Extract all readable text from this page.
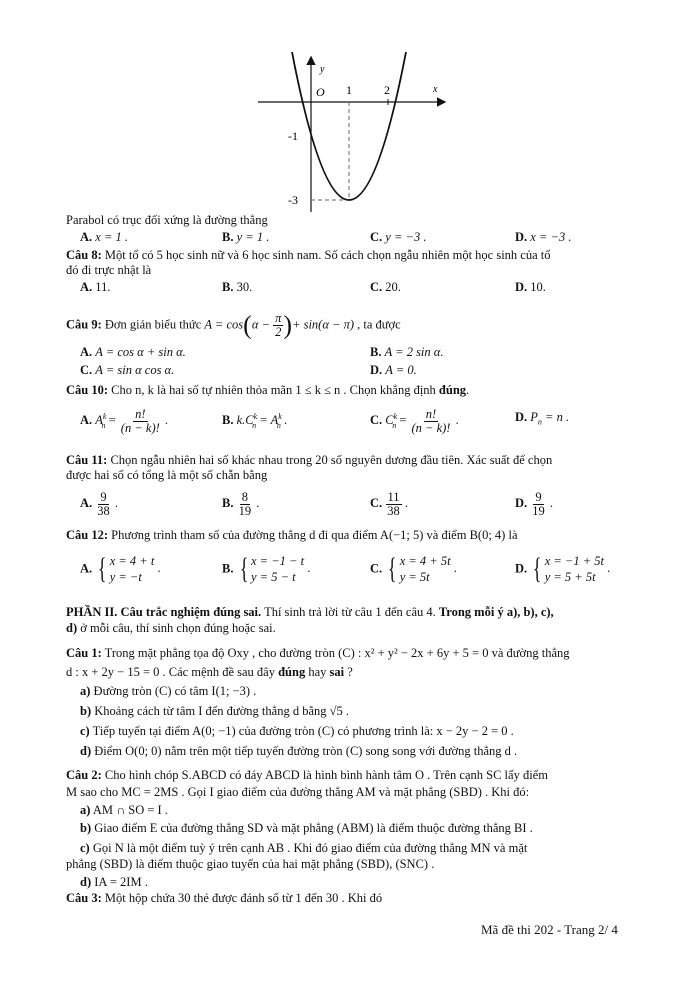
y
x
O 1	2
-1
-3
Parabol có trục đối xứng là đường thẳng
A. x = 1 .	B. y = 1 .	C. y = −3 .	D. x = −3 .
Câu 8: Một tổ có 5 học sinh nữ và 6 học sinh nam. Số cách chọn ngẫu nhiên một học sinh của tổ
đó đi trực nhật là
A. 11.	B. 30.	C. 20.	D. 10.
Câu 9: Đơn giản biểu thức $A = \cos(\alpha - \frac{\pi}{2}$ )+ sin(α − π) , ta được
A. A = cos α + sin α.	B. A = 2 sin α.
C. A = sin α cos α.	D. A = 0.
Câu 10: Cho n, k là hai số tự nhiên thỏa mãn 1 ≤ k ≤ n . Chọn khẳng định đúng.
A. $A^k_n = \frac{n!}{(n - k)!}$ .	B. $k.C^k_n = A^k_n$ .	C. $C^k_n = \frac{n!}{(n - k)!}$ .	D. $P_n = n$ .
Câu 11: Chọn ngẫu nhiên hai số khác nhau trong 20 số nguyên dương đầu tiên. Xác suất để chọn
được hai số có tổng là một số chẵn bằng
A. $\frac{9}{38}$ .	B. $\frac{8}{19}$ .	C. $\frac{11}{38}$ .	D. $\frac{9}{19}$ .
Câu 12: Phương trình tham số của đường thẳng d đi qua điểm A(−1; 5) và điểm B(0; 4) là
A. { x = 4 + t
y = −t
.	B. { x = −1 − t
y = 5 − t
.	C. { x = 4 + 5t
y = 5t
.	D. { x = −1 + 5t
y = 5 + 5t
.
PHẦN II. Câu trắc nghiệm đúng sai. Thí sinh trả lời từ câu 1 đến câu 4. Trong mỗi ý a), b), c),
d) ở mỗi câu, thí sinh chọn đúng hoặc sai.
Câu 1: Trong mặt phẳng tọa độ Oxy , cho đường tròn (C) : x² + y² − 2x + 6y + 5 = 0 và đường thẳng
d : x + 2y − 15 = 0 . Các mệnh đề sau đây đúng hay sai ?
a) Đường tròn (C) có tâm I(1; −3) .
b) Khoảng cách từ tâm I đến đường thẳng d bằng √5 .
c) Tiếp tuyến tại điểm A(0; −1) của đường tròn (C) có phương trình là: x − 2y − 2 = 0 .
d) Điểm O(0; 0) nằm trên một tiếp tuyến đường tròn (C) song song với đường thẳng d .
Câu 2: Cho hình chóp S.ABCD có đáy ABCD là hình bình hành tâm O . Trên cạnh SC lấy điểm
M sao cho MC = 2MS . Gọi I giao điểm của đường thẳng AM và mặt phẳng (SBD) . Khi đó:
a) AM ∩ SO = I .
b) Giao điểm E của đường thẳng SD và mặt phẳng (ABM) là điểm thuộc đường thẳng BI .
c) Gọi N là một điểm tuỳ ý trên cạnh AB . Khi đó giao điểm của đường thẳng MN và mặt
phẳng (SBD) là điểm thuộc giao tuyến của hai mặt phẳng (SBD), (SNC) .
d) IA = 2IM .
Câu 3: Một hộp chứa 30 thẻ được đánh số từ 1 đến 30 . Khi đó
Mã đề thi 202 - Trang 2/ 4
